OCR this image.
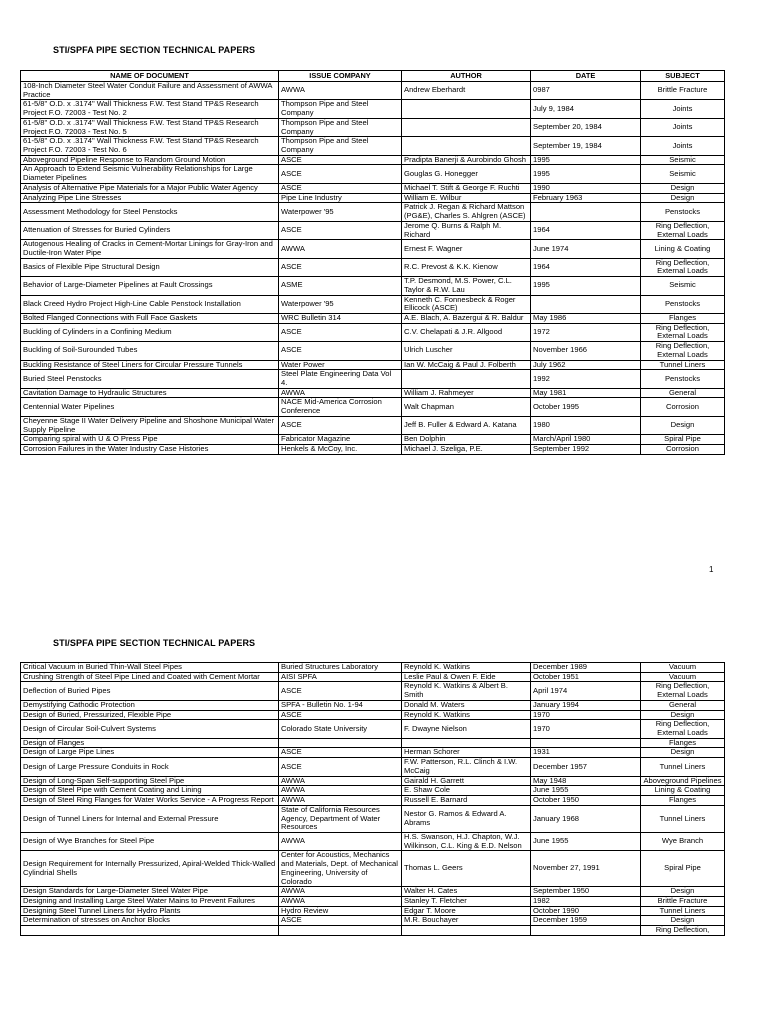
STI/SPFA PIPE SECTION TECHNICAL PAPERS
NAME OF DOCUMENT	ISSUE COMPANY	AUTHOR	DATE	SUBJECT
108-Inch Diameter Steel Water Conduit Failure and Assessment of AWWA Practice	AWWA	Andrew Eberhardt	0987	Brittle Fracture
61-5/8" O.D. x .3174" Wall Thickness F.W. Test Stand TP&S Research Project F.O. 72003 - Test No. 2	Thompson Pipe and Steel Company		July 9, 1984	Joints
61-5/8" O.D. x .3174" Wall Thickness F.W. Test Stand TP&S Research Project F.O. 72003 - Test No. 5	Thompson Pipe and Steel Company		September 20, 1984	Joints
61-5/8" O.D. x .3174" Wall Thickness F.W. Test Stand TP&S Research Project F.O. 72003 - Test No. 6	Thompson Pipe and Steel Company		September 19, 1984	Joints
Aboveground Pipeline Response to Random Ground Motion	ASCE	Pradipta Banerji & Aurobindo Ghosh	1995	Seismic
An Approach to Extend Seismic Vulnerability Relationships for Large Diameter Pipelines	ASCE	Gouglas G. Honegger	1995	Seismic
Analysis of Alternative Pipe Materials for a Major Public Water Agency	ASCE	Michael T. Stift & George F. Ruchti	1990	Design
Analyzing Pipe Line Stresses	Pipe Line Industry	William E. Wilbur	February 1963	Design
Assessment Methodology for Steel Penstocks	Waterpower '95	Patrick J. Regan & Richard Mattson (PG&E), Charles S. Ahlgren (ASCE)		Penstocks
Attenuation of Stresses for Buried Cylinders	ASCE	Jerome Q. Burns & Ralph M. Richard	1964	Ring Deflection, External Loads
Autogenous Healing of Cracks in Cement-Mortar Linings for Gray-Iron and Ductile-Iron Water Pipe	AWWA	Ernest F. Wagner	June 1974	Lining & Coating
Basics of Flexible Pipe Structural Design	ASCE	R.C. Prevost & K.K. Kienow	1964	Ring Deflection, External Loads
Behavior of Large-Diameter Pipelines at Fault Crossings	ASME	T.P. Desmond, M.S. Power, C.L. Taylor & R.W. Lau	1995	Seismic
Black Creed Hydro Project High-Line Cable Penstock Installation	Waterpower '95	Kenneth C. Fonnesbeck & Roger Ellicock (ASCE)		Penstocks
Bolted Flanged Connections with Full Face Gaskets	WRC Bulletin 314	A.E. Blach, A. Bazergui & R. Baldur	May 1986	Flanges
Buckling of Cylinders in a Confining Medium	ASCE	C.V. Chelapati & J.R. Allgood	1972	Ring Deflection, External Loads
Buckling of Soil-Surounded Tubes	ASCE	Ulrich Luscher	November 1966	Ring Deflection, External Loads
Buckling Resistance of Steel Liners for Circular Pressure Tunnels	Water Power	Ian W. McCaig & Paul J. Folberth	July 1962	Tunnel Liners
Buried Steel Penstocks	Steel Plate Engineering Data Vol 4.		1992	Penstocks
Cavitation Damage to Hydraulic Structures	AWWA	William J. Rahmeyer	May 1981	General
Centennial Water Pipelines	NACE Mid-America Corrosion Conference	Walt Chapman	October 1995	Corrosion
Cheyenne Stage II Water Delivery Pipeline and Shoshone Municipal Water Supply Pipeline	ASCE	Jeff B. Fuller & Edward A. Katana	1980	Design
Comparing spiral with U & O Press Pipe	Fabricator Magazine	Ben Dolphin	March/April 1980	Spiral Pipe
Corrosion Failures in the Water Industry Case Histories	Henkels & McCoy, Inc.	Michael J. Szeliga, P.E.	September 1992	Corrosion
1
STI/SPFA PIPE SECTION TECHNICAL PAPERS
Critical Vacuum in Buried Thin-Wall Steel Pipes	Buried Structures Laboratory	Reynold K. Watkins	December 1989	Vacuum
Crushing Strength of Steel Pipe Lined and Coated with Cement Mortar	AISI SPFA	Leslie Paul & Owen F. Eide	October 1951	Vacuum
Deflection of Buried Pipes	ASCE	Reynold K. Watkins & Albert B. Smith	April 1974	Ring Deflection, External Loads
Demystifying Cathodic Protection	SPFA - Bulletin No. 1-94	Donald M. Waters	January 1994	General
Design of Buried, Pressurized, Flexible Pipe	ASCE	Reynold K. Watkins	1970	Design
Design of Circular Soil-Culvert Systems	Colorado State University	F. Dwayne Nielson	1970	Ring Deflection, External Loads
Design of Flanges				Flanges
Design of Large Pipe Lines	ASCE	Herman Schorer	1931	Design
Design of Large Pressure Conduits in Rock	ASCE	F.W. Patterson, R.L. Clinch & I.W. McCaig	December 1957	Tunnel Liners
Design of Long-Span Self-supporting Steel Pipe	AWWA	Gairald H. Garrett	May 1948	Aboveground Pipelines
Design of Steel Pipe with Cement Coating and Lining	AWWA	E. Shaw Cole	June 1955	Lining & Coating
Design of Steel Ring Flanges for Water Works Service - A Progress Report	AWWA	Russell E. Barnard	October 1950	Flanges
Design of Tunnel Liners for Internal and External Pressure	State of California Resources Agency, Department of Water Resources	Nestor G. Ramos & Edward A. Abrams	January 1968	Tunnel Liners
Design of Wye Branches for Steel Pipe	AWWA	H.S. Swanson, H.J. Chapton, W.J. Wilkinson, C.L. King & E.D. Nelson	June 1955	Wye Branch
Design Requirement for Internally Pressurized, Apiral-Welded Thick-Walled Cylindrial Shells	Center for Acoustics, Mechanics and Materials, Dept. of Mechanical Engineering, University of Colorado	Thomas L. Geers	November 27, 1991	Spiral Pipe
Design Standards for Large-Diameter Steel Water Pipe	AWWA	Walter H. Cates	September 1950	Design
Designing and Installing Large Steel Water Mains to Prevent Failures	AWWA	Stanley T. Fletcher	1982	Brittle Fracture
Designing Steel Tunnel Liners for Hydro Plants	Hydro Review	Edgar T. Moore	October 1990	Tunnel Liners
Determination of stresses on Anchor Blocks	ASCE	M.R. Bouchayer	December 1959	Design
				Ring Deflection,
